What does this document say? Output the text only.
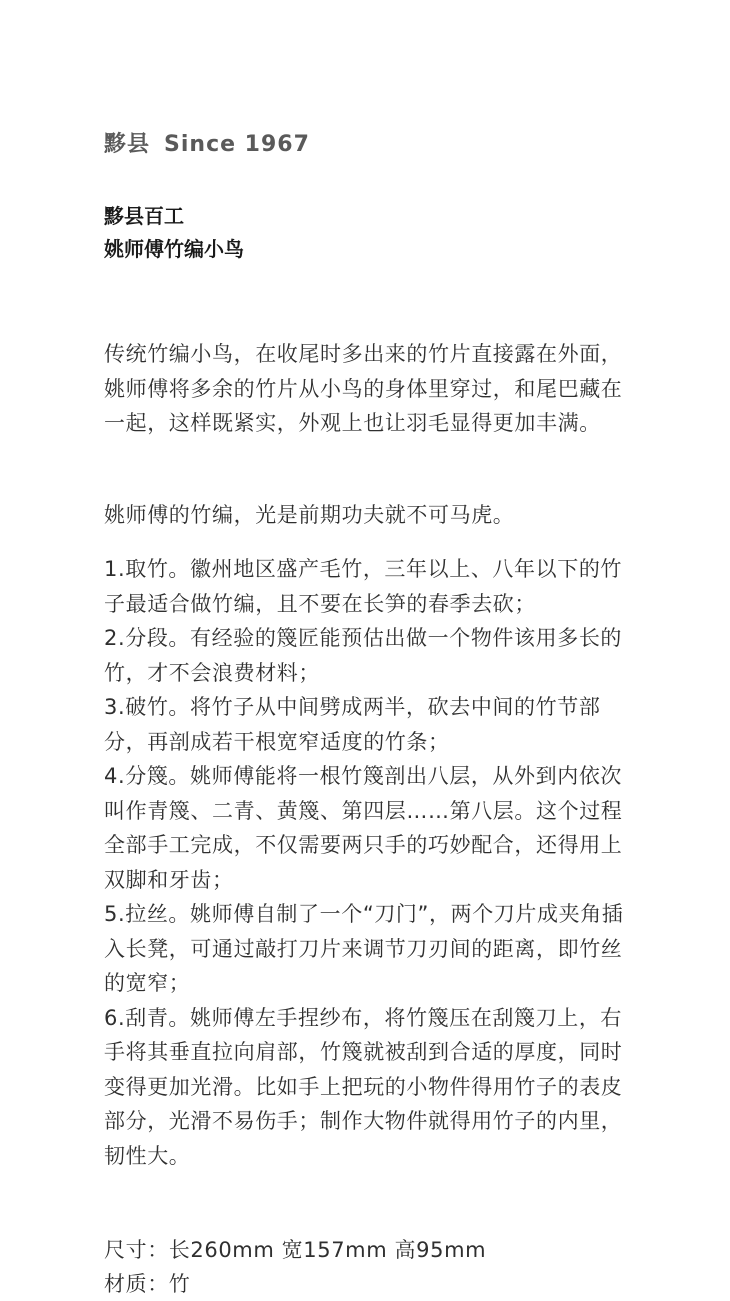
黟县 Since 1967
黟县百工
姚师傅竹编小鸟

传统竹编小鸟，在收尾时多出来的竹片直接露在外面，姚师傅将多余的竹片从小鸟的身体里穿过，和尾巴藏在一起，这样既紧实，外观上也让羽毛显得更加丰满。

姚师傅的竹编，光是前期功夫就不可马虎。

1.取竹。徽州地区盛产毛竹，三年以上、八年以下的竹子最适合做竹编，且不要在长笋的春季去砍；

2.分段。有经验的篾匠能预估出做一个物件该用多长的竹，才不会浪费材料；

3.破竹。将竹子从中间劈成两半，砍去中间的竹节部分，再剖成若干根宽窄适度的竹条；

4.分篾。姚师傅能将一根竹篾剖出八层，从外到内依次叫作青篾、二青、黄篾、第四层……第八层。这个过程全部手工完成，不仅需要两只手的巧妙配合，还得用上双脚和牙齿；

5.拉丝。姚师傅自制了一个“刀门”，两个刀片成夹角插入长凳，可通过敲打刀片来调节刀刃间的距离，即竹丝的宽窄；

6.刮青。姚师傅左手捏纱布，将竹篾压在刮篾刀上，右手将其垂直拉向肩部，竹篾就被刮到合适的厚度，同时变得更加光滑。比如手上把玩的小物件得用竹子的表皮部分，光滑不易伤手；制作大物件就得用竹子的内里，韧性大。

尺寸：长260mm 宽157mm 高95mm
材质：竹
